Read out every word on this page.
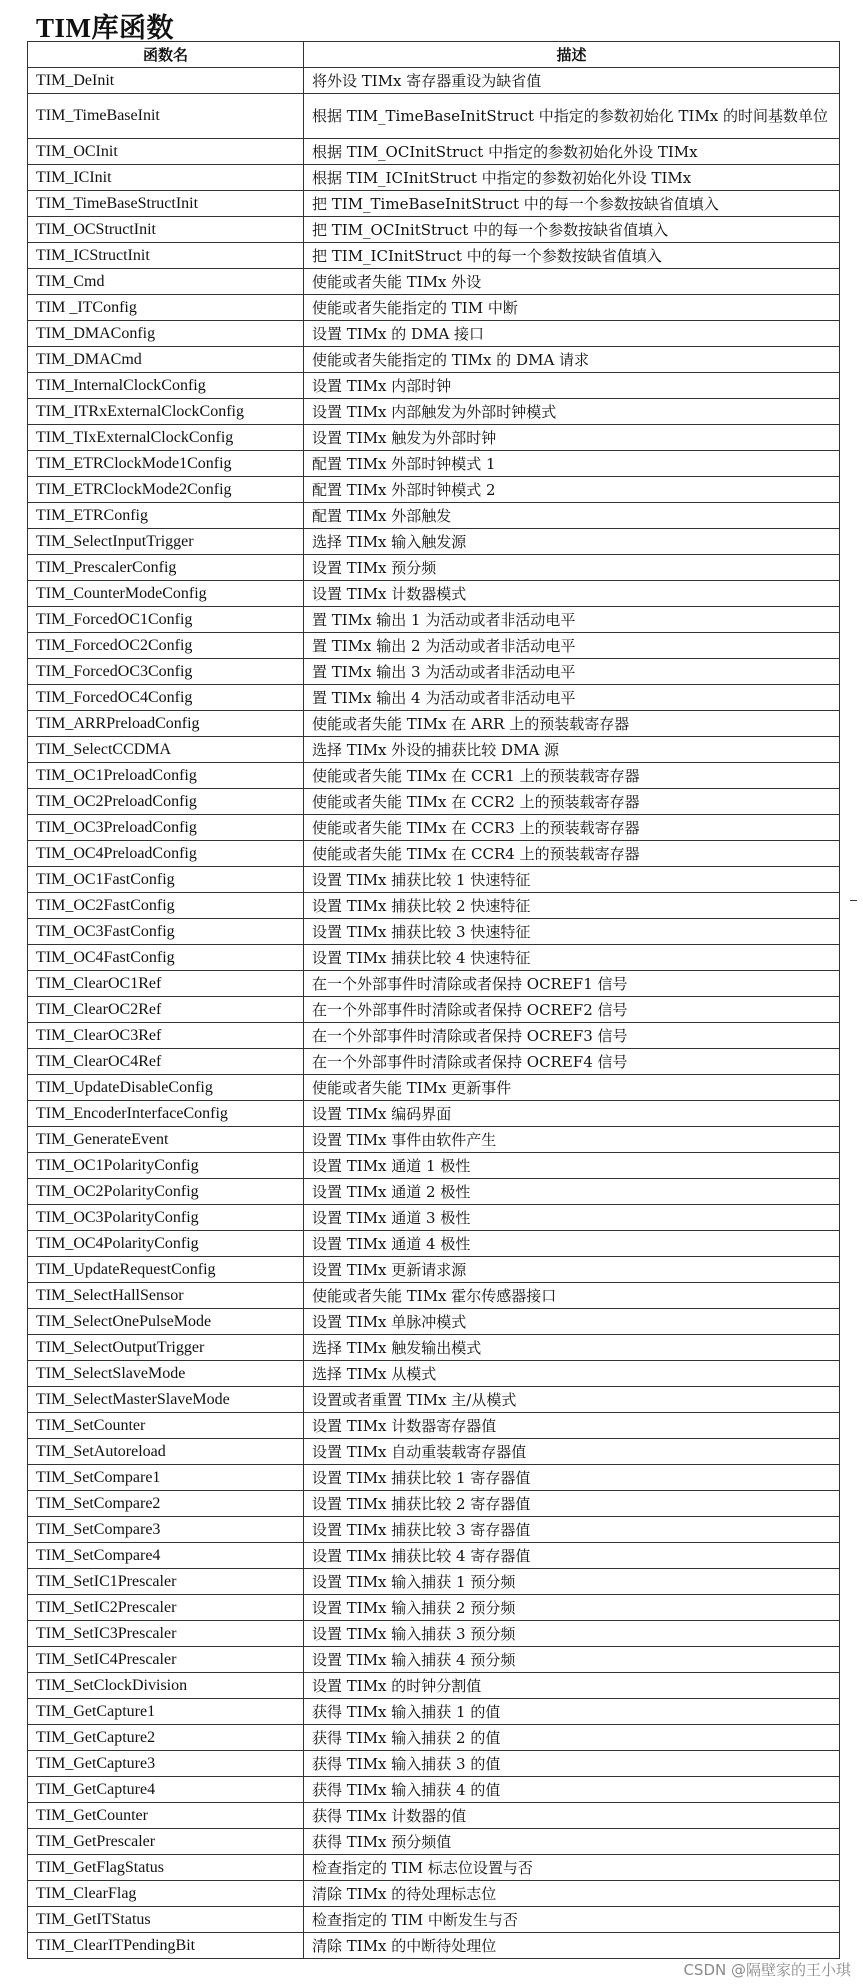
TIM库函数
函数名	描述
TIM_DeInit	将外设 TIMx 寄存器重设为缺省值
TIM_TimeBaseInit	根据 TIM_TimeBaseInitStruct 中指定的参数初始化 TIMx 的时间基数单位
TIM_OCInit	根据 TIM_OCInitStruct 中指定的参数初始化外设 TIMx
TIM_ICInit	根据 TIM_ICInitStruct 中指定的参数初始化外设 TIMx
TIM_TimeBaseStructInit	把 TIM_TimeBaseInitStruct 中的每一个参数按缺省值填入
TIM_OCStructInit	把 TIM_OCInitStruct 中的每一个参数按缺省值填入
TIM_ICStructInit	把 TIM_ICInitStruct 中的每一个参数按缺省值填入
TIM_Cmd	使能或者失能 TIMx 外设
TIM _ITConfig	使能或者失能指定的 TIM 中断
TIM_DMAConfig	设置 TIMx 的 DMA 接口
TIM_DMACmd	使能或者失能指定的 TIMx 的 DMA 请求
TIM_InternalClockConfig	设置 TIMx 内部时钟
TIM_ITRxExternalClockConfig	设置 TIMx 内部触发为外部时钟模式
TIM_TIxExternalClockConfig	设置 TIMx 触发为外部时钟
TIM_ETRClockMode1Config	配置 TIMx 外部时钟模式 1
TIM_ETRClockMode2Config	配置 TIMx 外部时钟模式 2
TIM_ETRConfig	配置 TIMx 外部触发
TIM_SelectInputTrigger	选择 TIMx 输入触发源
TIM_PrescalerConfig	设置 TIMx 预分频
TIM_CounterModeConfig	设置 TIMx 计数器模式
TIM_ForcedOC1Config	置 TIMx 输出 1 为活动或者非活动电平
TIM_ForcedOC2Config	置 TIMx 输出 2 为活动或者非活动电平
TIM_ForcedOC3Config	置 TIMx 输出 3 为活动或者非活动电平
TIM_ForcedOC4Config	置 TIMx 输出 4 为活动或者非活动电平
TIM_ARRPreloadConfig	使能或者失能 TIMx 在 ARR 上的预装载寄存器
TIM_SelectCCDMA	选择 TIMx 外设的捕获比较 DMA 源
TIM_OC1PreloadConfig	使能或者失能 TIMx 在 CCR1 上的预装载寄存器
TIM_OC2PreloadConfig	使能或者失能 TIMx 在 CCR2 上的预装载寄存器
TIM_OC3PreloadConfig	使能或者失能 TIMx 在 CCR3 上的预装载寄存器
TIM_OC4PreloadConfig	使能或者失能 TIMx 在 CCR4 上的预装载寄存器
TIM_OC1FastConfig	设置 TIMx 捕获比较 1 快速特征
TIM_OC2FastConfig	设置 TIMx 捕获比较 2 快速特征
TIM_OC3FastConfig	设置 TIMx 捕获比较 3 快速特征
TIM_OC4FastConfig	设置 TIMx 捕获比较 4 快速特征
TIM_ClearOC1Ref	在一个外部事件时清除或者保持 OCREF1 信号
TIM_ClearOC2Ref	在一个外部事件时清除或者保持 OCREF2 信号
TIM_ClearOC3Ref	在一个外部事件时清除或者保持 OCREF3 信号
TIM_ClearOC4Ref	在一个外部事件时清除或者保持 OCREF4 信号
TIM_UpdateDisableConfig	使能或者失能 TIMx 更新事件
TIM_EncoderInterfaceConfig	设置 TIMx 编码界面
TIM_GenerateEvent	设置 TIMx 事件由软件产生
TIM_OC1PolarityConfig	设置 TIMx 通道 1 极性
TIM_OC2PolarityConfig	设置 TIMx 通道 2 极性
TIM_OC3PolarityConfig	设置 TIMx 通道 3 极性
TIM_OC4PolarityConfig	设置 TIMx 通道 4 极性
TIM_UpdateRequestConfig	设置 TIMx 更新请求源
TIM_SelectHallSensor	使能或者失能 TIMx 霍尔传感器接口
TIM_SelectOnePulseMode	设置 TIMx 单脉冲模式
TIM_SelectOutputTrigger	选择 TIMx 触发输出模式
TIM_SelectSlaveMode	选择 TIMx 从模式
TIM_SelectMasterSlaveMode	设置或者重置 TIMx 主/从模式
TIM_SetCounter	设置 TIMx 计数器寄存器值
TIM_SetAutoreload	设置 TIMx 自动重装载寄存器值
TIM_SetCompare1	设置 TIMx 捕获比较 1 寄存器值
TIM_SetCompare2	设置 TIMx 捕获比较 2 寄存器值
TIM_SetCompare3	设置 TIMx 捕获比较 3 寄存器值
TIM_SetCompare4	设置 TIMx 捕获比较 4 寄存器值
TIM_SetIC1Prescaler	设置 TIMx 输入捕获 1 预分频
TIM_SetIC2Prescaler	设置 TIMx 输入捕获 2 预分频
TIM_SetIC3Prescaler	设置 TIMx 输入捕获 3 预分频
TIM_SetIC4Prescaler	设置 TIMx 输入捕获 4 预分频
TIM_SetClockDivision	设置 TIMx 的时钟分割值
TIM_GetCapture1	获得 TIMx 输入捕获 1 的值
TIM_GetCapture2	获得 TIMx 输入捕获 2 的值
TIM_GetCapture3	获得 TIMx 输入捕获 3 的值
TIM_GetCapture4	获得 TIMx 输入捕获 4 的值
TIM_GetCounter	获得 TIMx 计数器的值
TIM_GetPrescaler	获得 TIMx 预分频值
TIM_GetFlagStatus	检查指定的 TIM 标志位设置与否
TIM_ClearFlag	清除 TIMx 的待处理标志位
TIM_GetITStatus	检查指定的 TIM 中断发生与否
TIM_ClearITPendingBit	清除 TIMx 的中断待处理位
CSDN @隔壁家的王小琪
